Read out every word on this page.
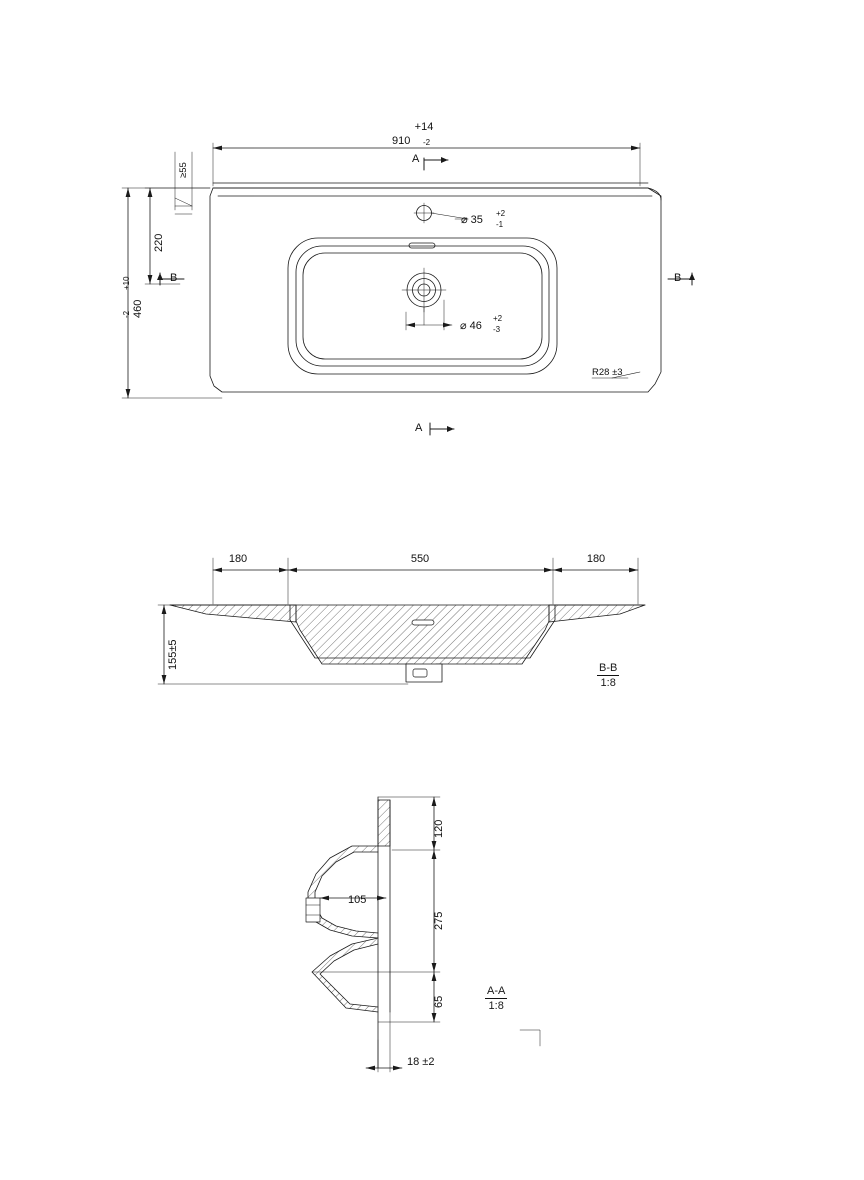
+14
910 -2
≥55
220
+10
460
-2
⌀ 35
+2
-1
⌀ 46
+2
-3
R28 ±3
A
A
B	B
180	550	180
155±5	B-B
1:8
120
275
65
105
18 ±2
A-A
1:8
